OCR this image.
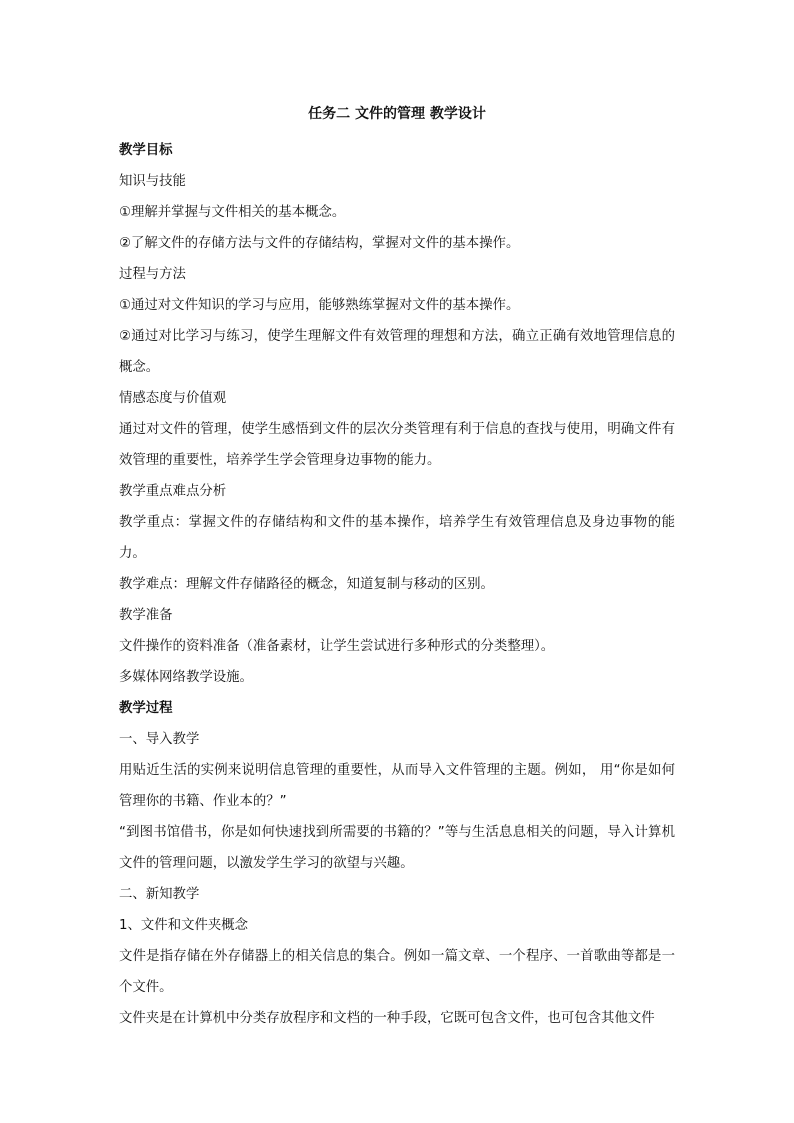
任务二 文件的管理 教学设计

教学目标

知识与技能

①理解并掌握与文件相关的基本概念。

②了解文件的存储方法与文件的存储结构，掌握对文件的基本操作。

过程与方法

①通过对文件知识的学习与应用，能够熟练掌握对文件的基本操作。

②通过对比学习与练习，使学生理解文件有效管理的理想和方法，确立正确有效地管理信息的概念。

情感态度与价值观

通过对文件的管理，使学生感悟到文件的层次分类管理有利于信息的查找与使用，明确文件有效管理的重要性，培养学生学会管理身边事物的能力。

教学重点难点分析

教学重点：掌握文件的存储结构和文件的基本操作，培养学生有效管理信息及身边事物的能力。

教学难点：理解文件存储路径的概念，知道复制与移动的区别。

教学准备

文件操作的资料准备（准备素材，让学生尝试进行多种形式的分类整理）。

多媒体网络教学设施。

教学过程

一、导入教学

用贴近生活的实例来说明信息管理的重要性，从而导入文件管理的主题。例如， 用“你是如何管理你的书籍、作业本的？”

“到图书馆借书，你是如何快速找到所需要的书籍的？”等与生活息息相关的问题，导入计算机文件的管理问题，以激发学生学习的欲望与兴趣。

二、新知教学

1、文件和文件夹概念

文件是指存储在外存储器上的相关信息的集合。例如一篇文章、一个程序、一首歌曲等都是一个文件。

文件夹是在计算机中分类存放程序和文档的一种手段，它既可包含文件，也可包含其他文件
